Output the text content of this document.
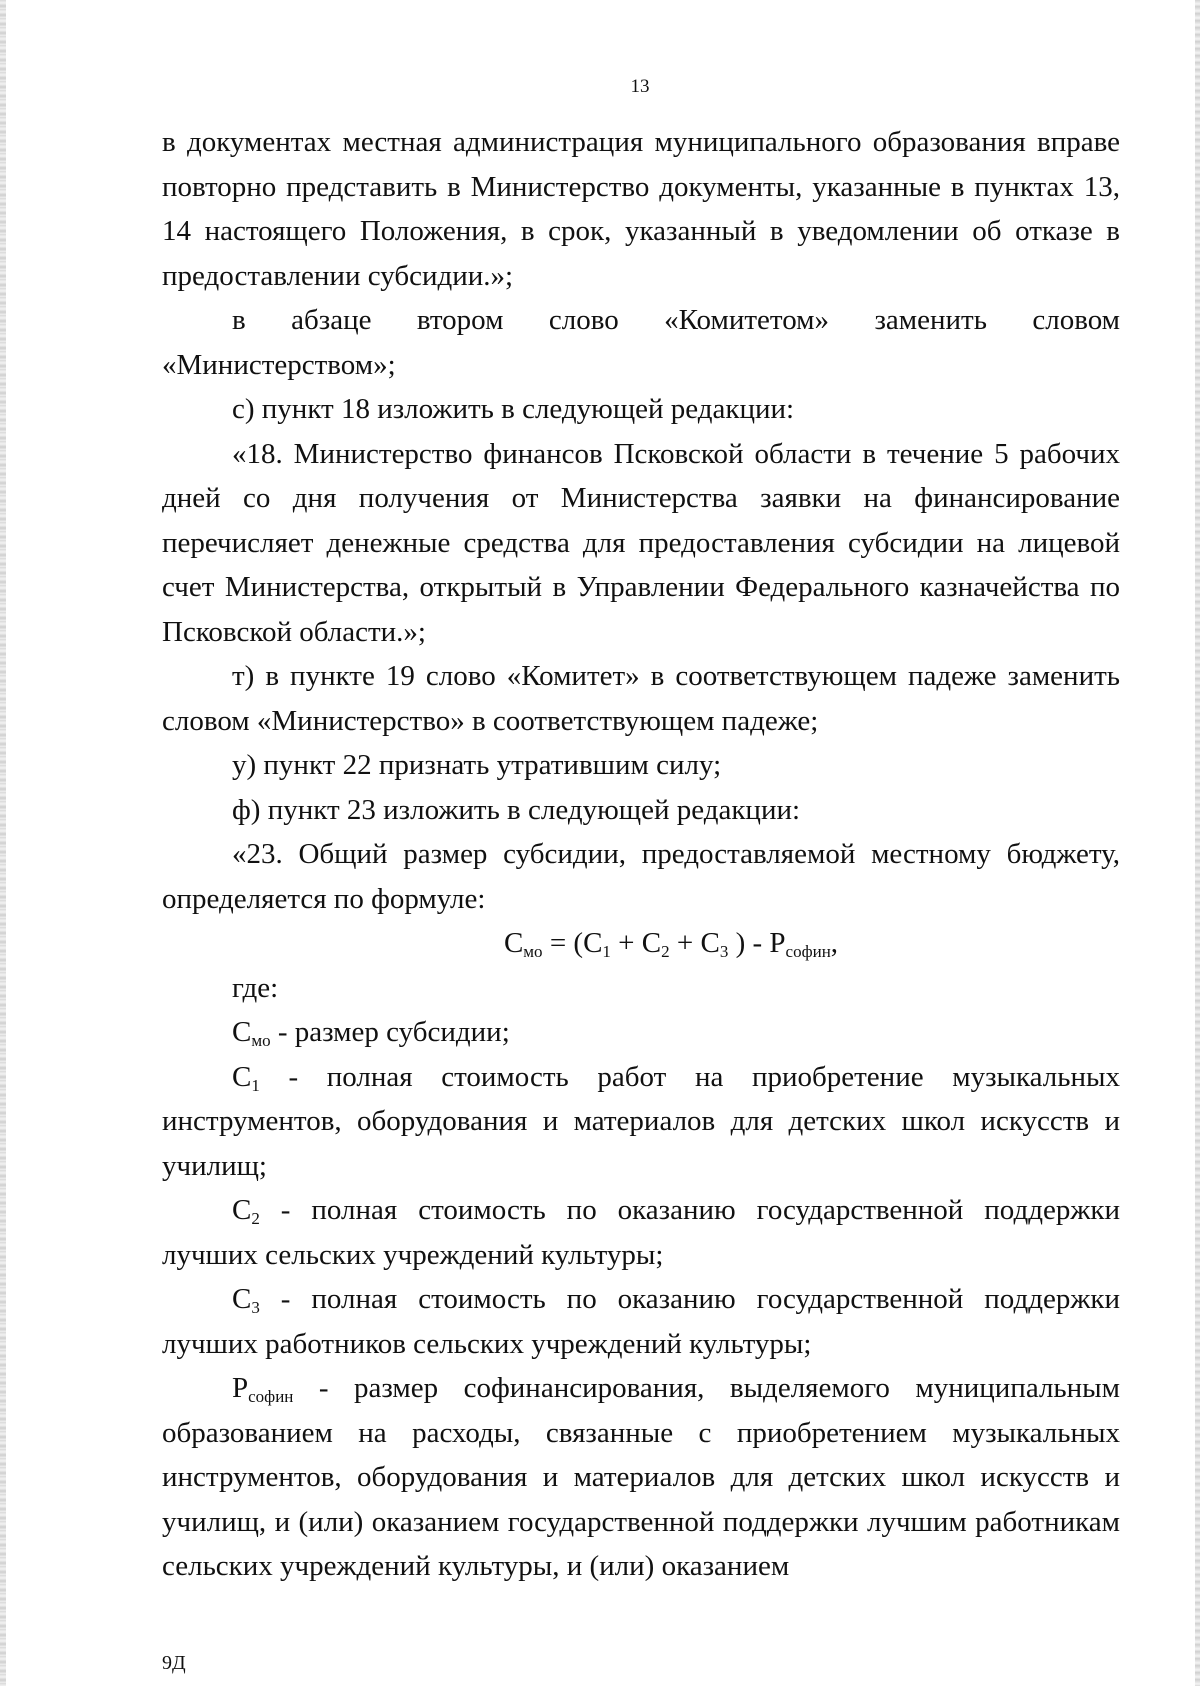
13

в документах местная администрация муниципального образования вправе повторно представить в Министерство документы, указанные в пунктах 13, 14 настоящего Положения, в срок, указанный в уведомлении об отказе в предоставлении субсидии.»;

в абзаце втором слово «Комитетом» заменить словом «Министерством»;

с) пункт 18 изложить в следующей редакции:

«18. Министерство финансов Псковской области в течение 5 рабочих дней со дня получения от Министерства заявки на финансирование перечисляет денежные средства для предоставления субсидии на лицевой счет Министерства, открытый в Управлении Федерального казначейства по Псковской области.»;

т) в пункте 19 слово «Комитет» в соответствующем падеже заменить словом «Министерство» в соответствующем падеже;

у) пункт 22 признать утратившим силу;

ф) пункт 23 изложить в следующей редакции:

«23. Общий размер субсидии, предоставляемой местному бюджету, определяется по формуле:

$С_{мо} = (С_1 + С_2 + С_3$ ) - $Р_{софин}$,

где:

$С_{мо}$ - размер субсидии;

$С_1$ - полная стоимость работ на приобретение музыкальных инструментов, оборудования и материалов для детских школ искусств и училищ;

$С_2$ - полная стоимость по оказанию государственной поддержки лучших сельских учреждений культуры;

$С_3$ - полная стоимость по оказанию государственной поддержки лучших работников сельских учреждений культуры;

$Р_{софин}$ - размер софинансирования, выделяемого муниципальным образованием на расходы, связанные с приобретением музыкальных инструментов, оборудования и материалов для детских школ искусств и училищ, и (или) оказанием государственной поддержки лучшим работникам сельских учреждений культуры, и (или) оказанием

9Д
